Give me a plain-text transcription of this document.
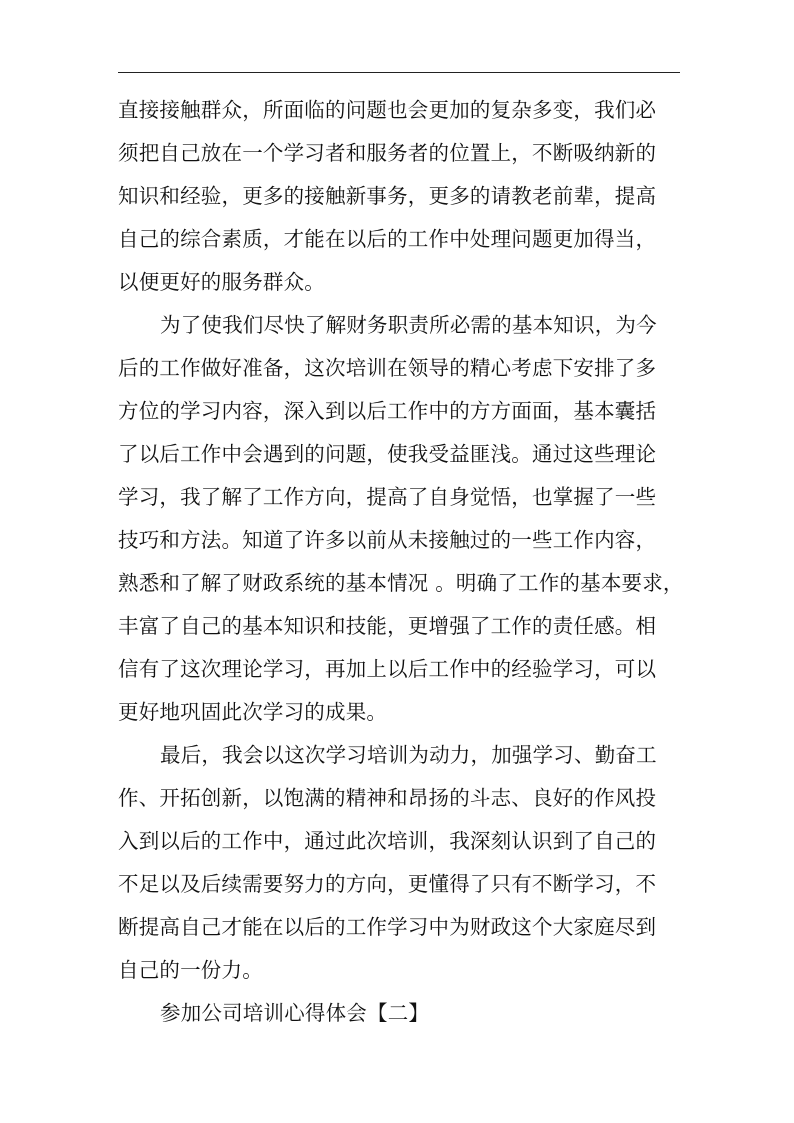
直接接触群众，所面临的问题也会更加的复杂多变，我们必
须把自己放在一个学习者和服务者的位置上，不断吸纳新的
知识和经验，更多的接触新事务，更多的请教老前辈，提高
自己的综合素质，才能在以后的工作中处理问题更加得当，
以便更好的服务群众。
为了使我们尽快了解财务职责所必需的基本知识，为今
后的工作做好准备，这次培训在领导的精心考虑下安排了多
方位的学习内容，深入到以后工作中的方方面面，基本囊括
了以后工作中会遇到的问题，使我受益匪浅。通过这些理论
学习，我了解了工作方向，提高了自身觉悟，也掌握了一些
技巧和方法。知道了许多以前从未接触过的一些工作内容，
熟悉和了解了财政系统的基本情况 。明确了工作的基本要求，
丰富了自己的基本知识和技能，更增强了工作的责任感。相
信有了这次理论学习，再加上以后工作中的经验学习，可以
更好地巩固此次学习的成果。
最后，我会以这次学习培训为动力，加强学习、勤奋工
作、开拓创新，以饱满的精神和昂扬的斗志、良好的作风投
入到以后的工作中，通过此次培训，我深刻认识到了自己的
不足以及后续需要努力的方向，更懂得了只有不断学习，不
断提高自己才能在以后的工作学习中为财政这个大家庭尽到
自己的一份力。
参加公司培训心得体会【二】
